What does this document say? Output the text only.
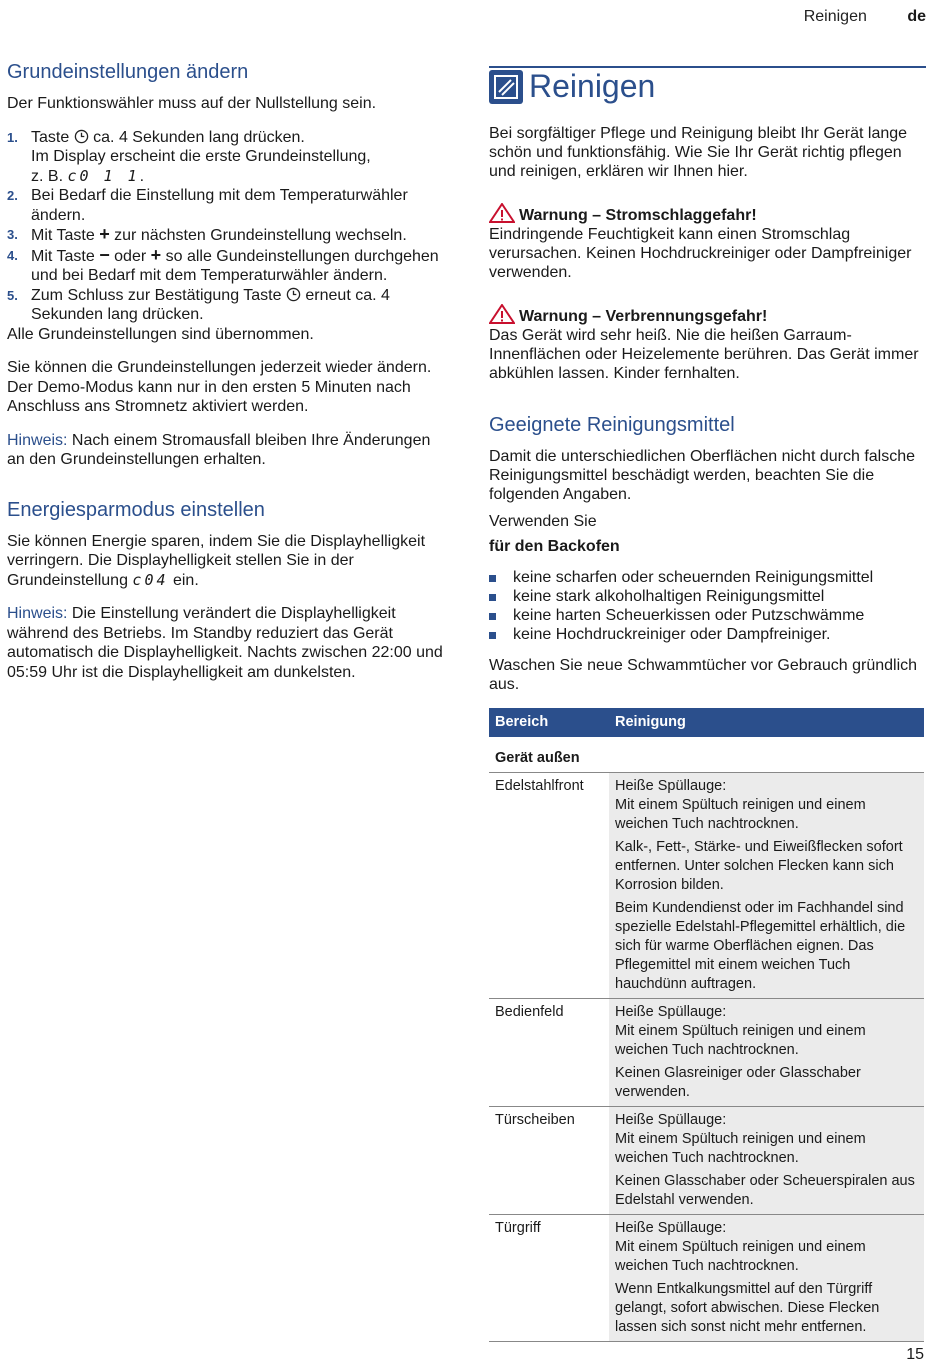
Reinigen	de
Grundeinstellungen ändern

Der Funktionswähler muss auf der Nullstellung sein.

1. Taste ca. 4 Sekunden lang drücken.
Im Display erscheint die erste Grundeinstellung,
z. B. c0 1 1.
2. Bei Bedarf die Einstellung mit dem Temperaturwähler ändern.
3. Mit Taste + zur nächsten Grundeinstellung wechseln.
4. Mit Taste − oder + so alle Gundeinstellungen durchgehen und bei Bedarf mit dem Temperaturwähler ändern.
5. Zum Schluss zur Bestätigung Taste erneut ca. 4 Sekunden lang drücken.

Alle Grundeinstellungen sind übernommen.

Sie können die Grundeinstellungen jederzeit wieder ändern. Der Demo-Modus kann nur in den ersten 5 Minuten nach Anschluss ans Stromnetz aktiviert werden.

Hinweis: Nach einem Stromausfall bleiben Ihre Änderungen an den Grundeinstellungen erhalten.

Energiesparmodus einstellen

Sie können Energie sparen, indem Sie die Displayhelligkeit verringern. Die Displayhelligkeit stellen Sie in der Grundeinstellung c04 ein.

Hinweis: Die Einstellung verändert die Displayhelligkeit während des Betriebs. Im Standby reduziert das Gerät automatisch die Displayhelligkeit. Nachts zwischen 22:00 und 05:59 Uhr ist die Displayhelligkeit am dunkelsten.

Reinigen

Bei sorgfältiger Pflege und Reinigung bleibt Ihr Gerät lange schön und funktionsfähig. Wie Sie Ihr Gerät richtig pflegen und reinigen, erklären wir Ihnen hier.

Warnung – Stromschlaggefahr!

Eindringende Feuchtigkeit kann einen Stromschlag verursachen. Keinen Hochdruckreiniger oder Dampfreiniger verwenden.

Warnung – Verbrennungsgefahr!

Das Gerät wird sehr heiß. Nie die heißen Garraum-Innenflächen oder Heizelemente berühren. Das Gerät immer abkühlen lassen. Kinder fernhalten.

Geeignete Reinigungsmittel

Damit die unterschiedlichen Oberflächen nicht durch falsche Reinigungsmittel beschädigt werden, beachten Sie die folgenden Angaben.

Verwenden Sie

für den Backofen

keine scharfen oder scheuernden Reinigungsmittel
keine stark alkoholhaltigen Reinigungsmittel
keine harten Scheuerkissen oder Putzschwämme
keine Hochdruckreiniger oder Dampfreiniger.

Waschen Sie neue Schwammtücher vor Gebrauch gründlich aus.

Bereich	Reinigung
Gerät außen	
Edelstahlfront	Heiße Spüllauge:
Mit einem Spültuch reinigen und einem weichen Tuch nachtrocknen.

Kalk-, Fett-, Stärke- und Eiweißflecken sofort entfernen. Unter solchen Flecken kann sich Korrosion bilden.

Beim Kundendienst oder im Fachhandel sind spezielle Edelstahl-Pflegemittel erhältlich, die sich für warme Oberflächen eignen. Das Pflegemittel mit einem weichen Tuch hauchdünn auftragen.

Bedienfeld	Heiße Spüllauge:
Mit einem Spültuch reinigen und einem weichen Tuch nachtrocknen.

Keinen Glasreiniger oder Glasschaber verwenden.

Türscheiben	Heiße Spüllauge:
Mit einem Spültuch reinigen und einem weichen Tuch nachtrocknen.

Keinen Glasschaber oder Scheuerspiralen aus Edelstahl verwenden.

Türgriff	Heiße Spüllauge:
Mit einem Spültuch reinigen und einem weichen Tuch nachtrocknen.

Wenn Entkalkungsmittel auf den Türgriff gelangt, sofort abwischen. Diese Flecken lassen sich sonst nicht mehr entfernen.

15
